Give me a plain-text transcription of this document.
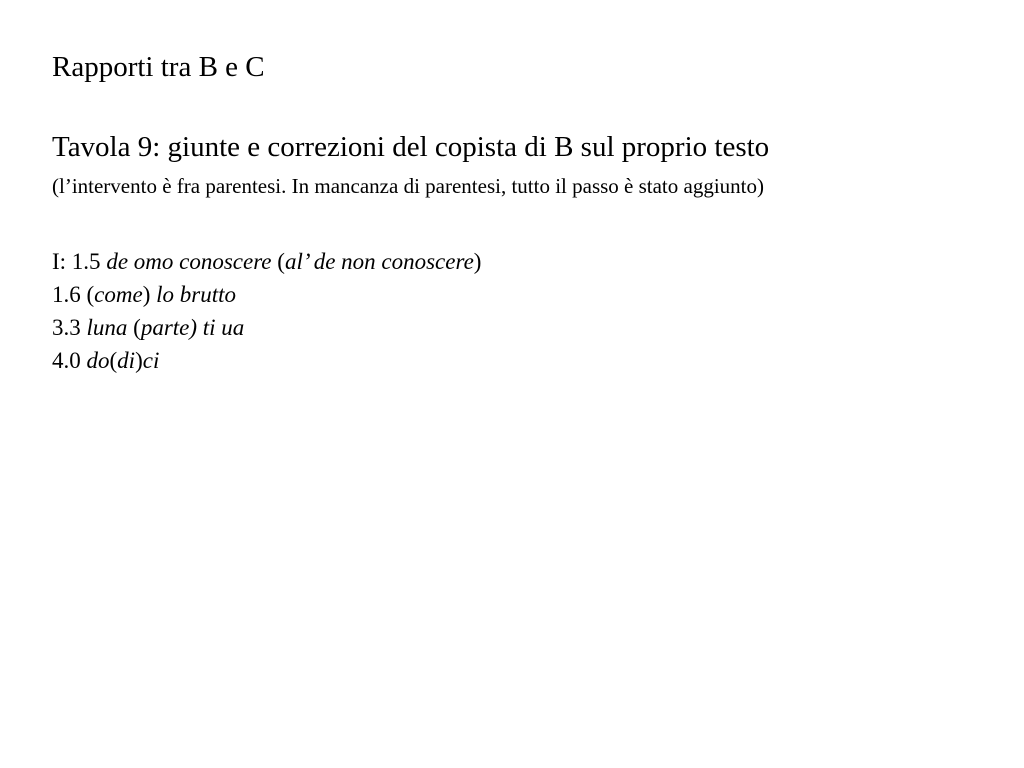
Rapporti tra B e C
Tavola 9: giunte e correzioni del copista di B sul proprio testo
(l’intervento è fra parentesi. In mancanza di parentesi, tutto il passo è stato aggiunto)
I: 1.5 de omo conoscere (al’ de non conoscere)
1.6 (come) lo brutto
3.3 luna (parte) ti ua
4.0 do(di)ci
